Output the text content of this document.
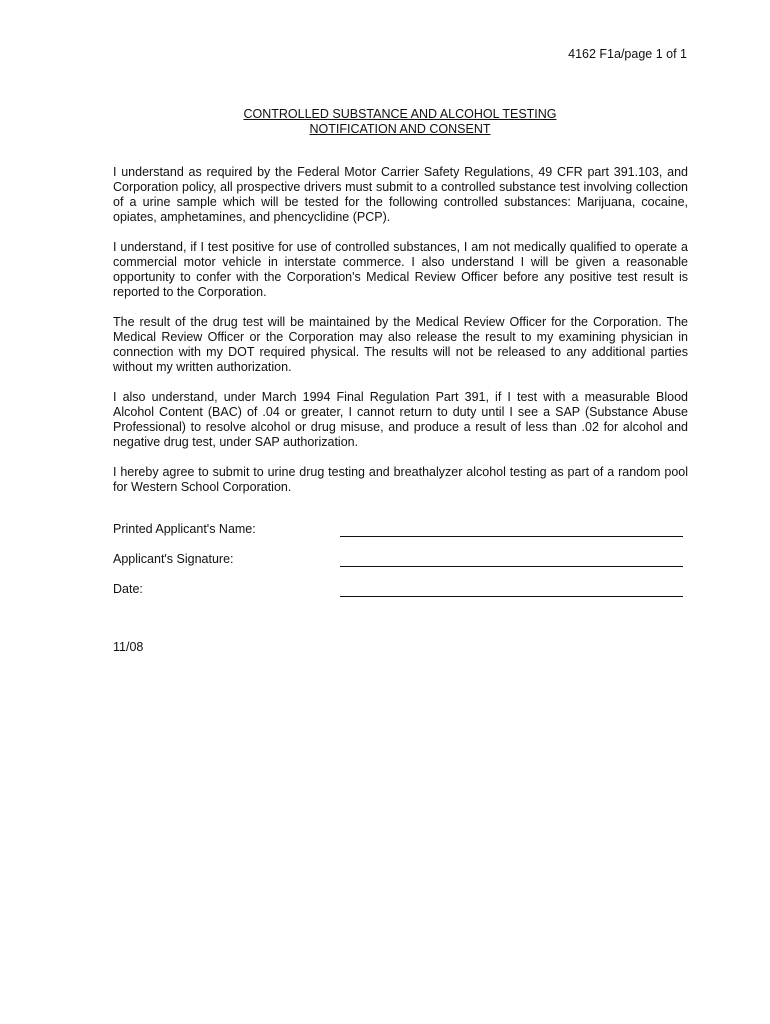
4162 F1a/page 1 of 1
CONTROLLED SUBSTANCE AND ALCOHOL TESTING
NOTIFICATION AND CONSENT

I understand as required by the Federal Motor Carrier Safety Regulations, 49 CFR part 391.103, and Corporation policy, all prospective drivers must submit to a controlled substance test involving collection of a urine sample which will be tested for the following controlled substances: Marijuana, cocaine, opiates, amphetamines, and phencyclidine (PCP).

I understand, if I test positive for use of controlled substances, I am not medically qualified to operate a commercial motor vehicle in interstate commerce. I also understand I will be given a reasonable opportunity to confer with the Corporation's Medical Review Officer before any positive test result is reported to the Corporation.

The result of the drug test will be maintained by the Medical Review Officer for the Corporation. The Medical Review Officer or the Corporation may also release the result to my examining physician in connection with my DOT required physical. The results will not be released to any additional parties without my written authorization.

I also understand, under March 1994 Final Regulation Part 391, if I test with a measurable Blood Alcohol Content (BAC) of .04 or greater, I cannot return to duty until I see a SAP (Substance Abuse Professional) to resolve alcohol or drug misuse, and produce a result of less than .02 for alcohol and negative drug test, under SAP authorization.

I hereby agree to submit to urine drug testing and breathalyzer alcohol testing as part of a random pool for Western School Corporation.

Printed Applicant's Name:
Applicant's Signature:
Date:
11/08
